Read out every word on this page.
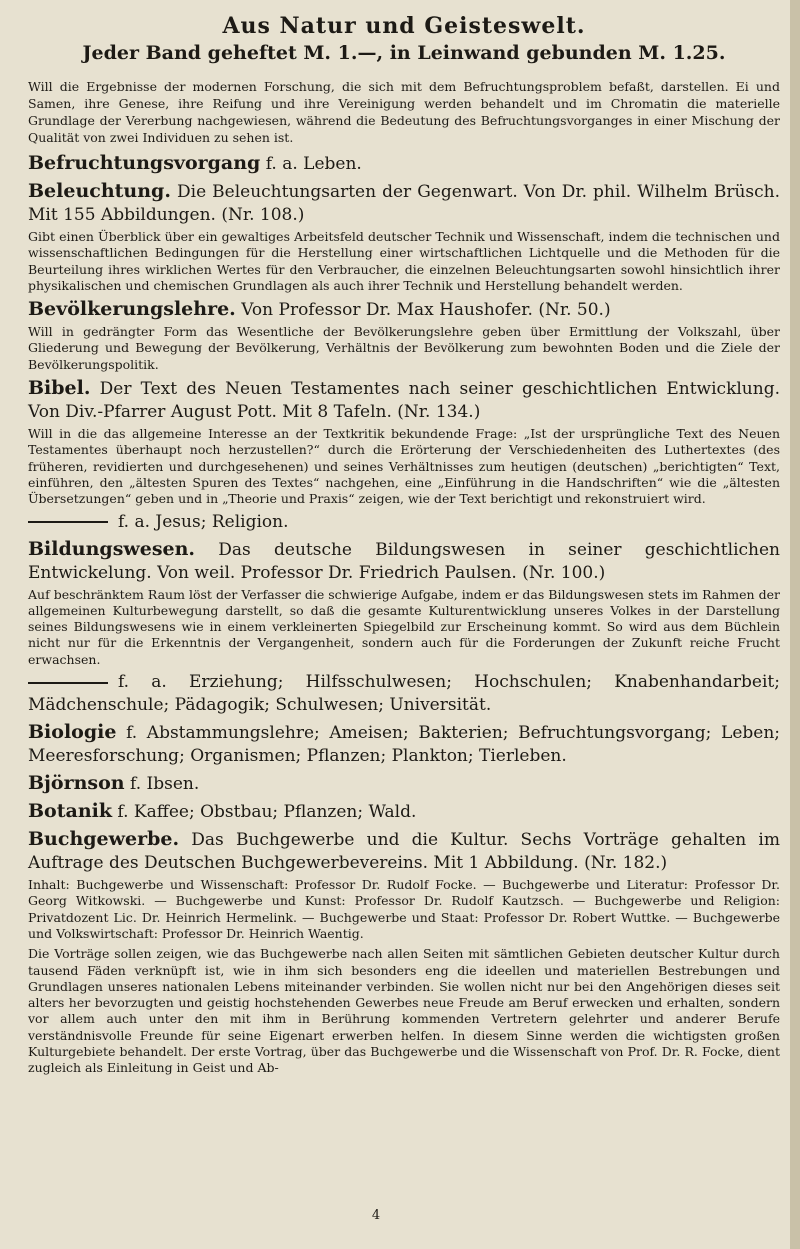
Aus Natur und Geisteswelt.
Jeder Band geheftet M. 1.—, in Leinwand gebunden M. 1.25.

Will die Ergebnisse der modernen Forschung, die sich mit dem Befruchtungsproblem befaßt, darstellen. Ei und Samen, ihre Genese, ihre Reifung und ihre Vereinigung werden behandelt und im Chromatin die materielle Grundlage der Vererbung nachgewiesen, während die Bedeutung des Befruchtungsvorganges in einer Mischung der Qualität von zwei Individuen zu sehen ist.

Befruchtungsvorgang f. a. Leben.

Beleuchtung. Die Beleuchtungsarten der Gegenwart. Von Dr. phil. Wilhelm Brüsch. Mit 155 Abbildungen. (Nr. 108.)

Gibt einen Überblick über ein gewaltiges Arbeitsfeld deutscher Technik und Wissenschaft, indem die technischen und wissenschaftlichen Bedingungen für die Herstellung einer wirtschaftlichen Lichtquelle und die Methoden für die Beurteilung ihres wirklichen Wertes für den Verbraucher, die einzelnen Beleuchtungsarten sowohl hinsichtlich ihrer physikalischen und chemischen Grundlagen als auch ihrer Technik und Herstellung behandelt werden.

Bevölkerungslehre. Von Professor Dr. Max Haushofer. (Nr. 50.)

Will in gedrängter Form das Wesentliche der Bevölkerungslehre geben über Ermittlung der Volkszahl, über Gliederung und Bewegung der Bevölkerung, Verhältnis der Bevölkerung zum bewohnten Boden und die Ziele der Bevölkerungspolitik.

Bibel. Der Text des Neuen Testamentes nach seiner geschichtlichen Entwicklung. Von Div.-Pfarrer August Pott. Mit 8 Tafeln. (Nr. 134.)

Will in die das allgemeine Interesse an der Textkritik bekundende Frage: „Ist der ursprüngliche Text des Neuen Testamentes überhaupt noch herzustellen?“ durch die Erörterung der Verschiedenheiten des Luthertextes (des früheren, revidierten und durchgesehenen) und seines Verhältnisses zum heutigen (deutschen) „berichtigten“ Text, einführen, den „ältesten Spuren des Textes“ nachgehen, eine „Einführung in die Handschriften“ wie die „ältesten Übersetzungen“ geben und in „Theorie und Praxis“ zeigen, wie der Text berichtigt und rekonstruiert wird.

f. a. Jesus; Religion.

Bildungswesen. Das deutsche Bildungswesen in seiner geschichtlichen Entwickelung. Von weil. Professor Dr. Friedrich Paulsen. (Nr. 100.)

Auf beschränktem Raum löst der Verfasser die schwierige Aufgabe, indem er das Bildungswesen stets im Rahmen der allgemeinen Kulturbewegung darstellt, so daß die gesamte Kulturentwicklung unseres Volkes in der Darstellung seines Bildungswesens wie in einem verkleinerten Spiegelbild zur Erscheinung kommt. So wird aus dem Büchlein nicht nur für die Erkenntnis der Vergangenheit, sondern auch für die Forderungen der Zukunft reiche Frucht erwachsen.

f. a. Erziehung; Hilfsschulwesen; Hochschulen; Knabenhandarbeit; Mädchenschule; Pädagogik; Schulwesen; Universität.

Biologie f. Abstammungslehre; Ameisen; Bakterien; Befruchtungsvorgang; Leben; Meeresforschung; Organismen; Pflanzen; Plankton; Tierleben.

Björnson f. Ibsen.

Botanik f. Kaffee; Obstbau; Pflanzen; Wald.

Buchgewerbe. Das Buchgewerbe und die Kultur. Sechs Vorträge gehalten im Auftrage des Deutschen Buchgewerbevereins. Mit 1 Abbildung. (Nr. 182.)

Inhalt: Buchgewerbe und Wissenschaft: Professor Dr. Rudolf Focke. — Buchgewerbe und Literatur: Professor Dr. Georg Witkowski. — Buchgewerbe und Kunst: Professor Dr. Rudolf Kautzsch. — Buchgewerbe und Religion: Privatdozent Lic. Dr. Heinrich Hermelink. — Buchgewerbe und Staat: Professor Dr. Robert Wuttke. — Buchgewerbe und Volkswirtschaft: Professor Dr. Heinrich Waentig.

Die Vorträge sollen zeigen, wie das Buchgewerbe nach allen Seiten mit sämtlichen Gebieten deutscher Kultur durch tausend Fäden verknüpft ist, wie in ihm sich besonders eng die ideellen und materiellen Bestrebungen und Grundlagen unseres nationalen Lebens miteinander verbinden. Sie wollen nicht nur bei den Angehörigen dieses seit alters her bevorzugten und geistig hochstehenden Gewerbes neue Freude am Beruf erwecken und erhalten, sondern vor allem auch unter den mit ihm in Berührung kommenden Vertretern gelehrter und anderer Berufe verständnisvolle Freunde für seine Eigenart erwerben helfen. In diesem Sinne werden die wichtigsten großen Kulturgebiete behandelt. Der erste Vortrag, über das Buchgewerbe und die Wissenschaft von Prof. Dr. R. Focke, dient zugleich als Einleitung in Geist und Ab-

4
